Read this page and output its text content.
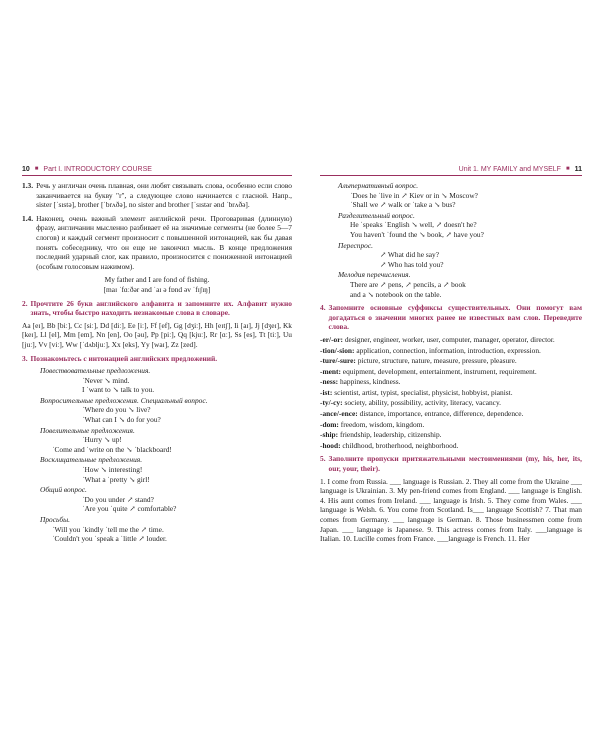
10 ■ Part I. INTRODUCTORY COURSE
1.3. Речь у англичан очень плавная, они любят связывать слова, особенно если слово заканчивается на букву "r", а следующее слово начинается с гласной. Напр., sister [ˈsɪstə], brother [ˈbrʌðə], no sister and brother [ˈsɪstər ənd ˈbrʌðə].
1.4. Наконец, очень важный элемент английской речи. Проговаривая (длинную) фразу, англичанин мысленно разбивает её на значимые сегменты (не более 5—7 слогов) и каждый сегмент произносит с повышенной интонацией, как бы давая понять собеседнику, что он еще не закончил мысль. В конце предложения последний ударный слог, как правило, произносится с пониженной интонацией (особым голосовым нажимом).
My father and I are fond of fishing.
[maɪ ˈfɑːðər ənd ˈaɪ ə fɒnd əv ˈfɪʃɪŋ]
2. Прочтите 26 букв английского алфавита и запомните их. Алфавит нужно знать, чтобы быстро находить незнакомые слова в словаре.
Aa [eɪ], Bb [biː], Cc [siː], Dd [diː], Ee [iː], Ff [ef], Gg [dʒiː], Hh [eɪtʃ], Ii [aɪ], Jj [dʒeɪ], Kk [keɪ], Ll [el], Mm [em], Nn [en], Oo [əu], Pp [piː], Qq [kjuː], Rr [ɑː], Ss [es], Tt [tiː], Uu [juː], Vv [viː], Ww [ˈdʌbljuː], Xx [eks], Yy [waɪ], Zz [zed].
3. Познакомьтесь с интонацией английских предложений.
Повествовательные предложения.
ˈNever ↘ mind.
I ˈwant to ↘ talk to you.
Вопросительные предложения. Специальный вопрос.
ˈWhere do you ↘ live?
ˈWhat can I ↘ do for you?
Повелительные предложения.
ˈHurry ↘ up!
ˈCome and ˈwrite on the ↘ ˈblackboard!
Восклицательные предложения.
ˈHow ↘ interesting!
ˈWhat a ˈpretty ↘ girl!
Общий вопрос.
ˈDo you under ↗ stand?
ˈAre you ˈquite ↗ comfortable?
Просьбы.
ˈWill you ˈkindly ˈtell me the ↗ time.
ˈCouldn't you ˈspeak a ˈlittle ↗ louder.
Unit 1. MY FAMILY and MYSELF ■ 11
Альтернативный вопрос.
ˈDoes he ˈlive in ↗ Kiev or in ↘ Moscow?
ˈShall we ↗ walk or ˈtake a ↘ bus?
Разделительный вопрос.
He ˈspeaks ˈEnglish ↘ well, ↗ doesn't he?
You haven't ˈfound the ↘ book, ↗ have you?
Переспрос.
↗ What did he say?
↗ Who has told you?
Мелодия перечисления.
There are ↗ pens, ↗ pencils, a ↗ book
and a ↘ notebook on the table.
4. Запомните основные суффиксы существительных. Они помогут вам догадаться о значении многих ранее не известных вам слов. Переведите слова.
-er/-or: designer, engineer, worker, user, computer, manager, operator, director.
-tion/-sion: application, connection, information, introduction, expression.
-ture/-sure: picture, structure, nature, measure, pressure, pleasure.
-ment: equipment, development, entertainment, instrument, requirement.
-ness: happiness, kindness.
-ist: scientist, artist, typist, specialist, physicist, hobbyist, pianist.
-ty/-cy: society, ability, possibility, activity, literacy, vacancy.
-ance/-ence: distance, importance, entrance, difference, dependence.
-dom: freedom, wisdom, kingdom.
-ship: friendship, leadership, citizenship.
-hood: childhood, brotherhood, neighborhood.
5. Заполните пропуски притяжательными местоимениями (my, his, her, its, our, your, their).
1. I come from Russia. ___ language is Russian. 2. They all come from the Ukraine ___ language is Ukrainian. 3. My pen-friend comes from England. ___ language is English. 4. His aunt comes from Ireland. ___ language is Irish. 5. They come from Wales. ___ language is Welsh. 6. You come from Scotland. Is___ language Scottish? 7. That man comes from Germany. ___ language is German. 8. Those businessmen come from Japan. ___ language is Japanese. 9. This actress comes from Italy. ___language is Italian. 10. Lucille comes from France. ___language is French. 11. Her
